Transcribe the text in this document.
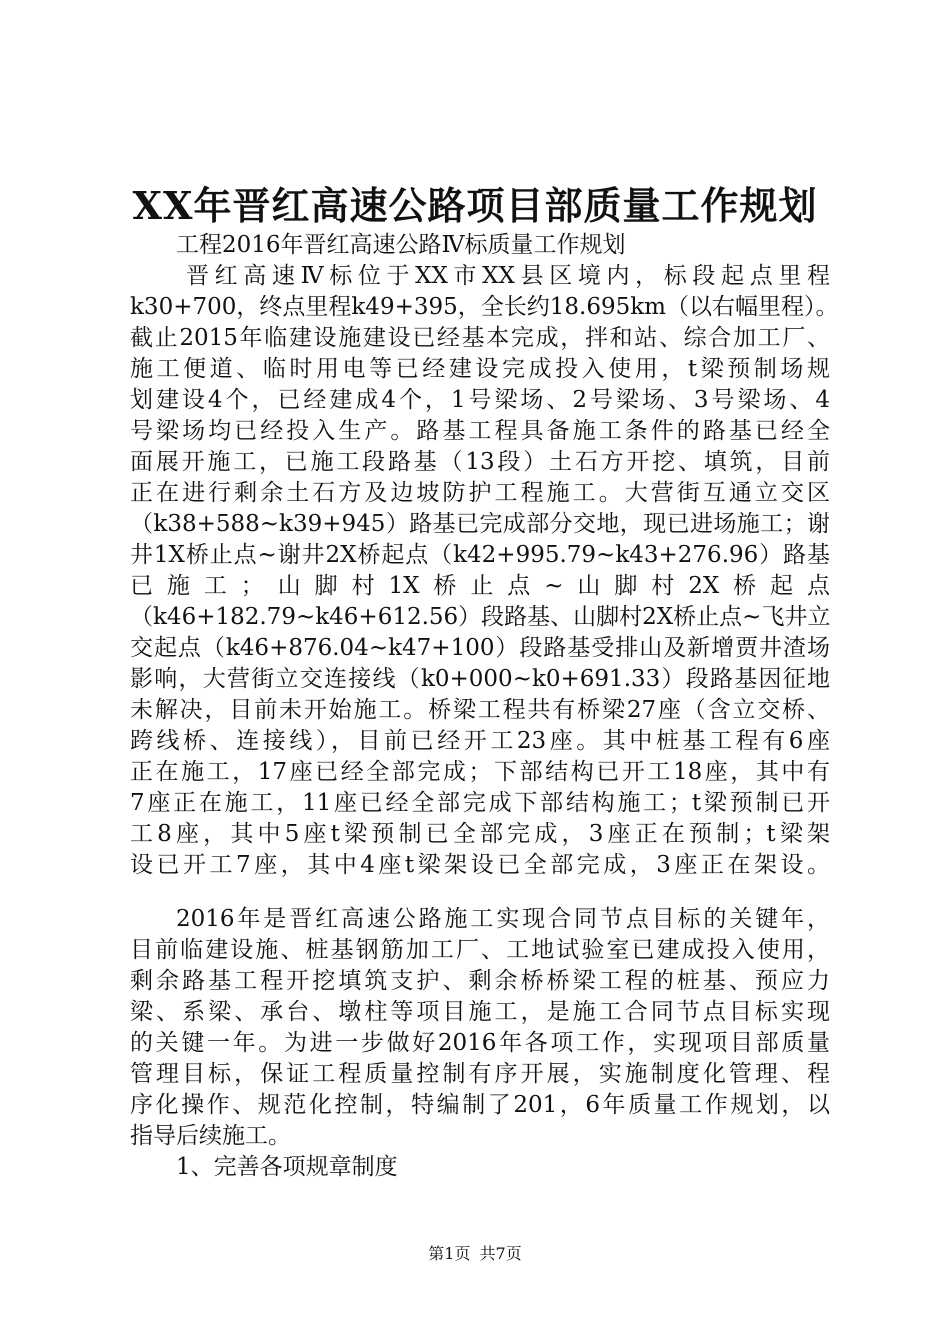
XX年晋红高速公路项目部质量工作规划
工程2016年晋红高速公路Ⅳ标质量工作规划
晋红高速Ⅳ标位于XX市XX县区境内，标段起点里程
k30+700，终点里程k49+395，全长约18.695km（以右幅里程）。
截止2015年临建设施建设已经基本完成，拌和站、综合加工厂、
施工便道、临时用电等已经建设完成投入使用，t梁预制场规
划建设4个，已经建成4个，1号梁场、2号梁场、3号梁场、4
号梁场均已经投入生产。路基工程具备施工条件的路基已经全
面展开施工，已施工段路基（13段）土石方开挖、填筑，目前
正在进行剩余土石方及边坡防护工程施工。大营街互通立交区
（k38+588~k39+945）路基已完成部分交地，现已进场施工；谢
井1X桥止点~谢井2X桥起点（k42+995.79~k43+276.96）路基
已施工；山脚村1X桥止点~山脚村2X桥起点
（k46+182.79~k46+612.56）段路基、山脚村2X桥止点~飞井立
交起点（k46+876.04~k47+100）段路基受排山及新增贾井渣场
影响，大营街立交连接线（k0+000~k0+691.33）段路基因征地
未解决，目前未开始施工。桥梁工程共有桥梁27座（含立交桥、
跨线桥、连接线），目前已经开工23座。其中桩基工程有6座
正在施工，17座已经全部完成；下部结构已开工18座，其中有
7座正在施工，11座已经全部完成下部结构施工；t梁预制已开
工8座，其中5座t梁预制已全部完成，3座正在预制；t梁架
设已开工7座，其中4座t梁架设已全部完成，3座正在架设。
2016年是晋红高速公路施工实现合同节点目标的关键年，
目前临建设施、桩基钢筋加工厂、工地试验室已建成投入使用，
剩余路基工程开挖填筑支护、剩余桥桥梁工程的桩基、预应力
梁、系梁、承台、墩柱等项目施工，是施工合同节点目标实现
的关键一年。为进一步做好2016年各项工作，实现项目部质量
管理目标，保证工程质量控制有序开展，实施制度化管理、程
序化操作、规范化控制，特编制了201，6年质量工作规划，以
指导后续施工。
1、完善各项规章制度
第1页 共7页
